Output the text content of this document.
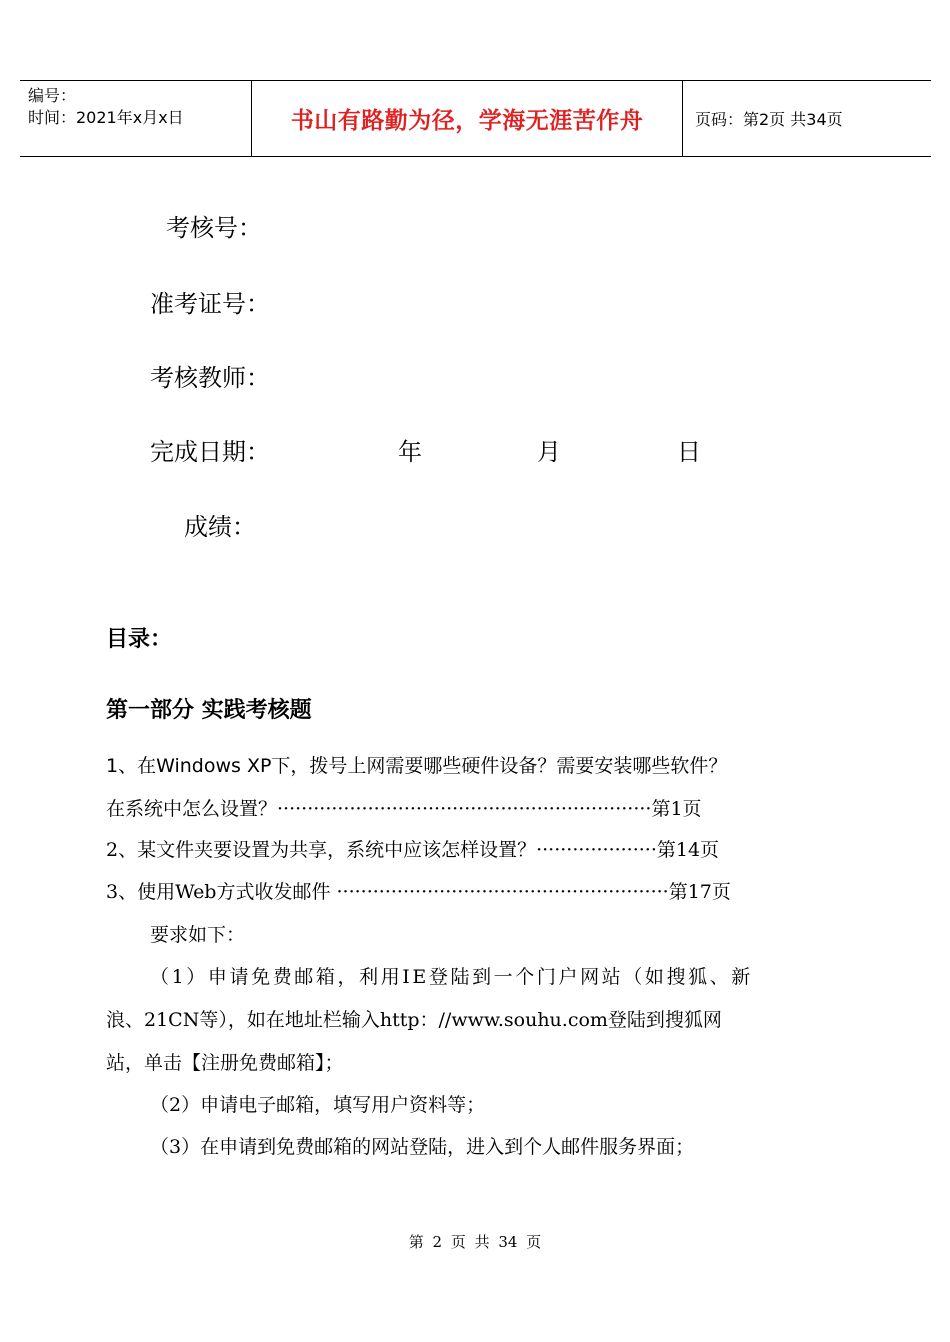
编号：
时间：2021年x月x日	书山有路勤为径，学海无涯苦作舟	页码：第2页 共34页
考核号：
准考证号：
考核教师：
完成日期：	年	月	日
成绩：
目录：
第一部分 实践考核题
1、在Windows XP下，拨号上网需要哪些硬件设备？需要安装哪些软件？
在系统中怎么设置？······························································第1页
2、某文件夹要设置为共享，系统中应该怎样设置？····················第14页
3、使用Web方式收发邮件 ·······················································第17页
要求如下：
（1）申请免费邮箱，利用IE登陆到一个门户网站（如搜狐、新
浪、21CN等），如在地址栏输入http：//www.souhu.com登陆到搜狐网
站，单击【注册免费邮箱】；
（2）申请电子邮箱，填写用户资料等；
（3）在申请到免费邮箱的网站登陆，进入到个人邮件服务界面；
第 2 页 共 34 页
